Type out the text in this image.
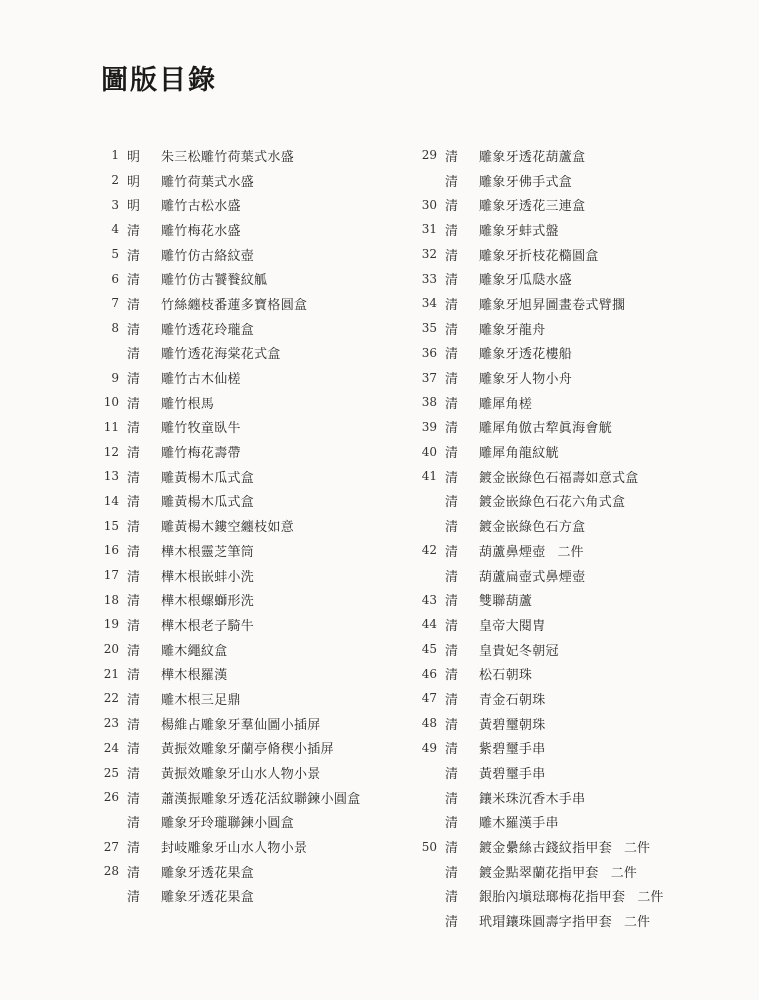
圖版目錄
1 明	朱三松雕竹荷葉式水盛
2 明	雕竹荷葉式水盛
3 明	雕竹古松水盛
4 清	雕竹梅花水盛
5 清	雕竹仿古絡紋壺
6 清	雕竹仿古饕餮紋觚
7 清	竹絲纏枝番蓮多寶格圓盒
8 清	雕竹透花玲瓏盒
清	雕竹透花海棠花式盒
9 清	雕竹古木仙槎
10 清	雕竹根馬
11 清	雕竹牧童臥牛
12 清	雕竹梅花壽帶
13 清	雕黃楊木瓜式盒
14 清	雕黃楊木瓜式盒
15 清	雕黃楊木鏤空纏枝如意
16 清	樺木根靈芝筆筒
17 清	樺木根嵌蚌小洗
18 清	樺木根螺螄形洗
19 清	樺木根老子騎牛
20 清	雕木繩紋盒
21 清	樺木根羅漢
22 清	雕木根三足鼎
23 清	楊維占雕象牙羣仙圖小插屏
24 清	黃振效雕象牙蘭亭脩稧小插屏
25 清	黃振效雕象牙山水人物小景
26 清	蕭漢振雕象牙透花活紋聯鍊小圓盒
清	雕象牙玲瓏聯鍊小圓盒
27 清	封岐雕象牙山水人物小景
28 清	雕象牙透花果盒
清	雕象牙透花果盒
29 清	雕象牙透花葫蘆盒
清	雕象牙佛手式盒
30 清	雕象牙透花三連盒
31 清	雕象牙蚌式盤
32 清	雕象牙折枝花橢圓盒
33 清	雕象牙瓜瓞水盛
34 清	雕象牙旭昇圖畫卷式臂擱
35 清	雕象牙龍舟
36 清	雕象牙透花樓船
37 清	雕象牙人物小舟
38 清	雕犀角槎
39 清	雕犀角倣古犂眞海會觥
40 清	雕犀角龍紋觥
41 清	鍍金嵌綠色石福壽如意式盒
清	鍍金嵌綠色石花六角式盒
清	鍍金嵌綠色石方盒
42 清	葫蘆鼻煙壺 二件
清	葫蘆扁壺式鼻煙壺
43 清	雙聯葫蘆
44 清	皇帝大閱冑
45 清	皇貴妃冬朝冠
46 清	松石朝珠
47 清	青金石朝珠
48 清	黃碧璽朝珠
49 清	紫碧璽手串
清	黃碧璽手串
清	鑲米珠沉香木手串
清	雕木羅漢手串
50 清	鍍金纍絲古錢紋指甲套 二件
清	鍍金點翠蘭花指甲套 二件
清	銀胎內塡琺瑯梅花指甲套 二件
清	玳瑁鑲珠圓壽字指甲套 二件
